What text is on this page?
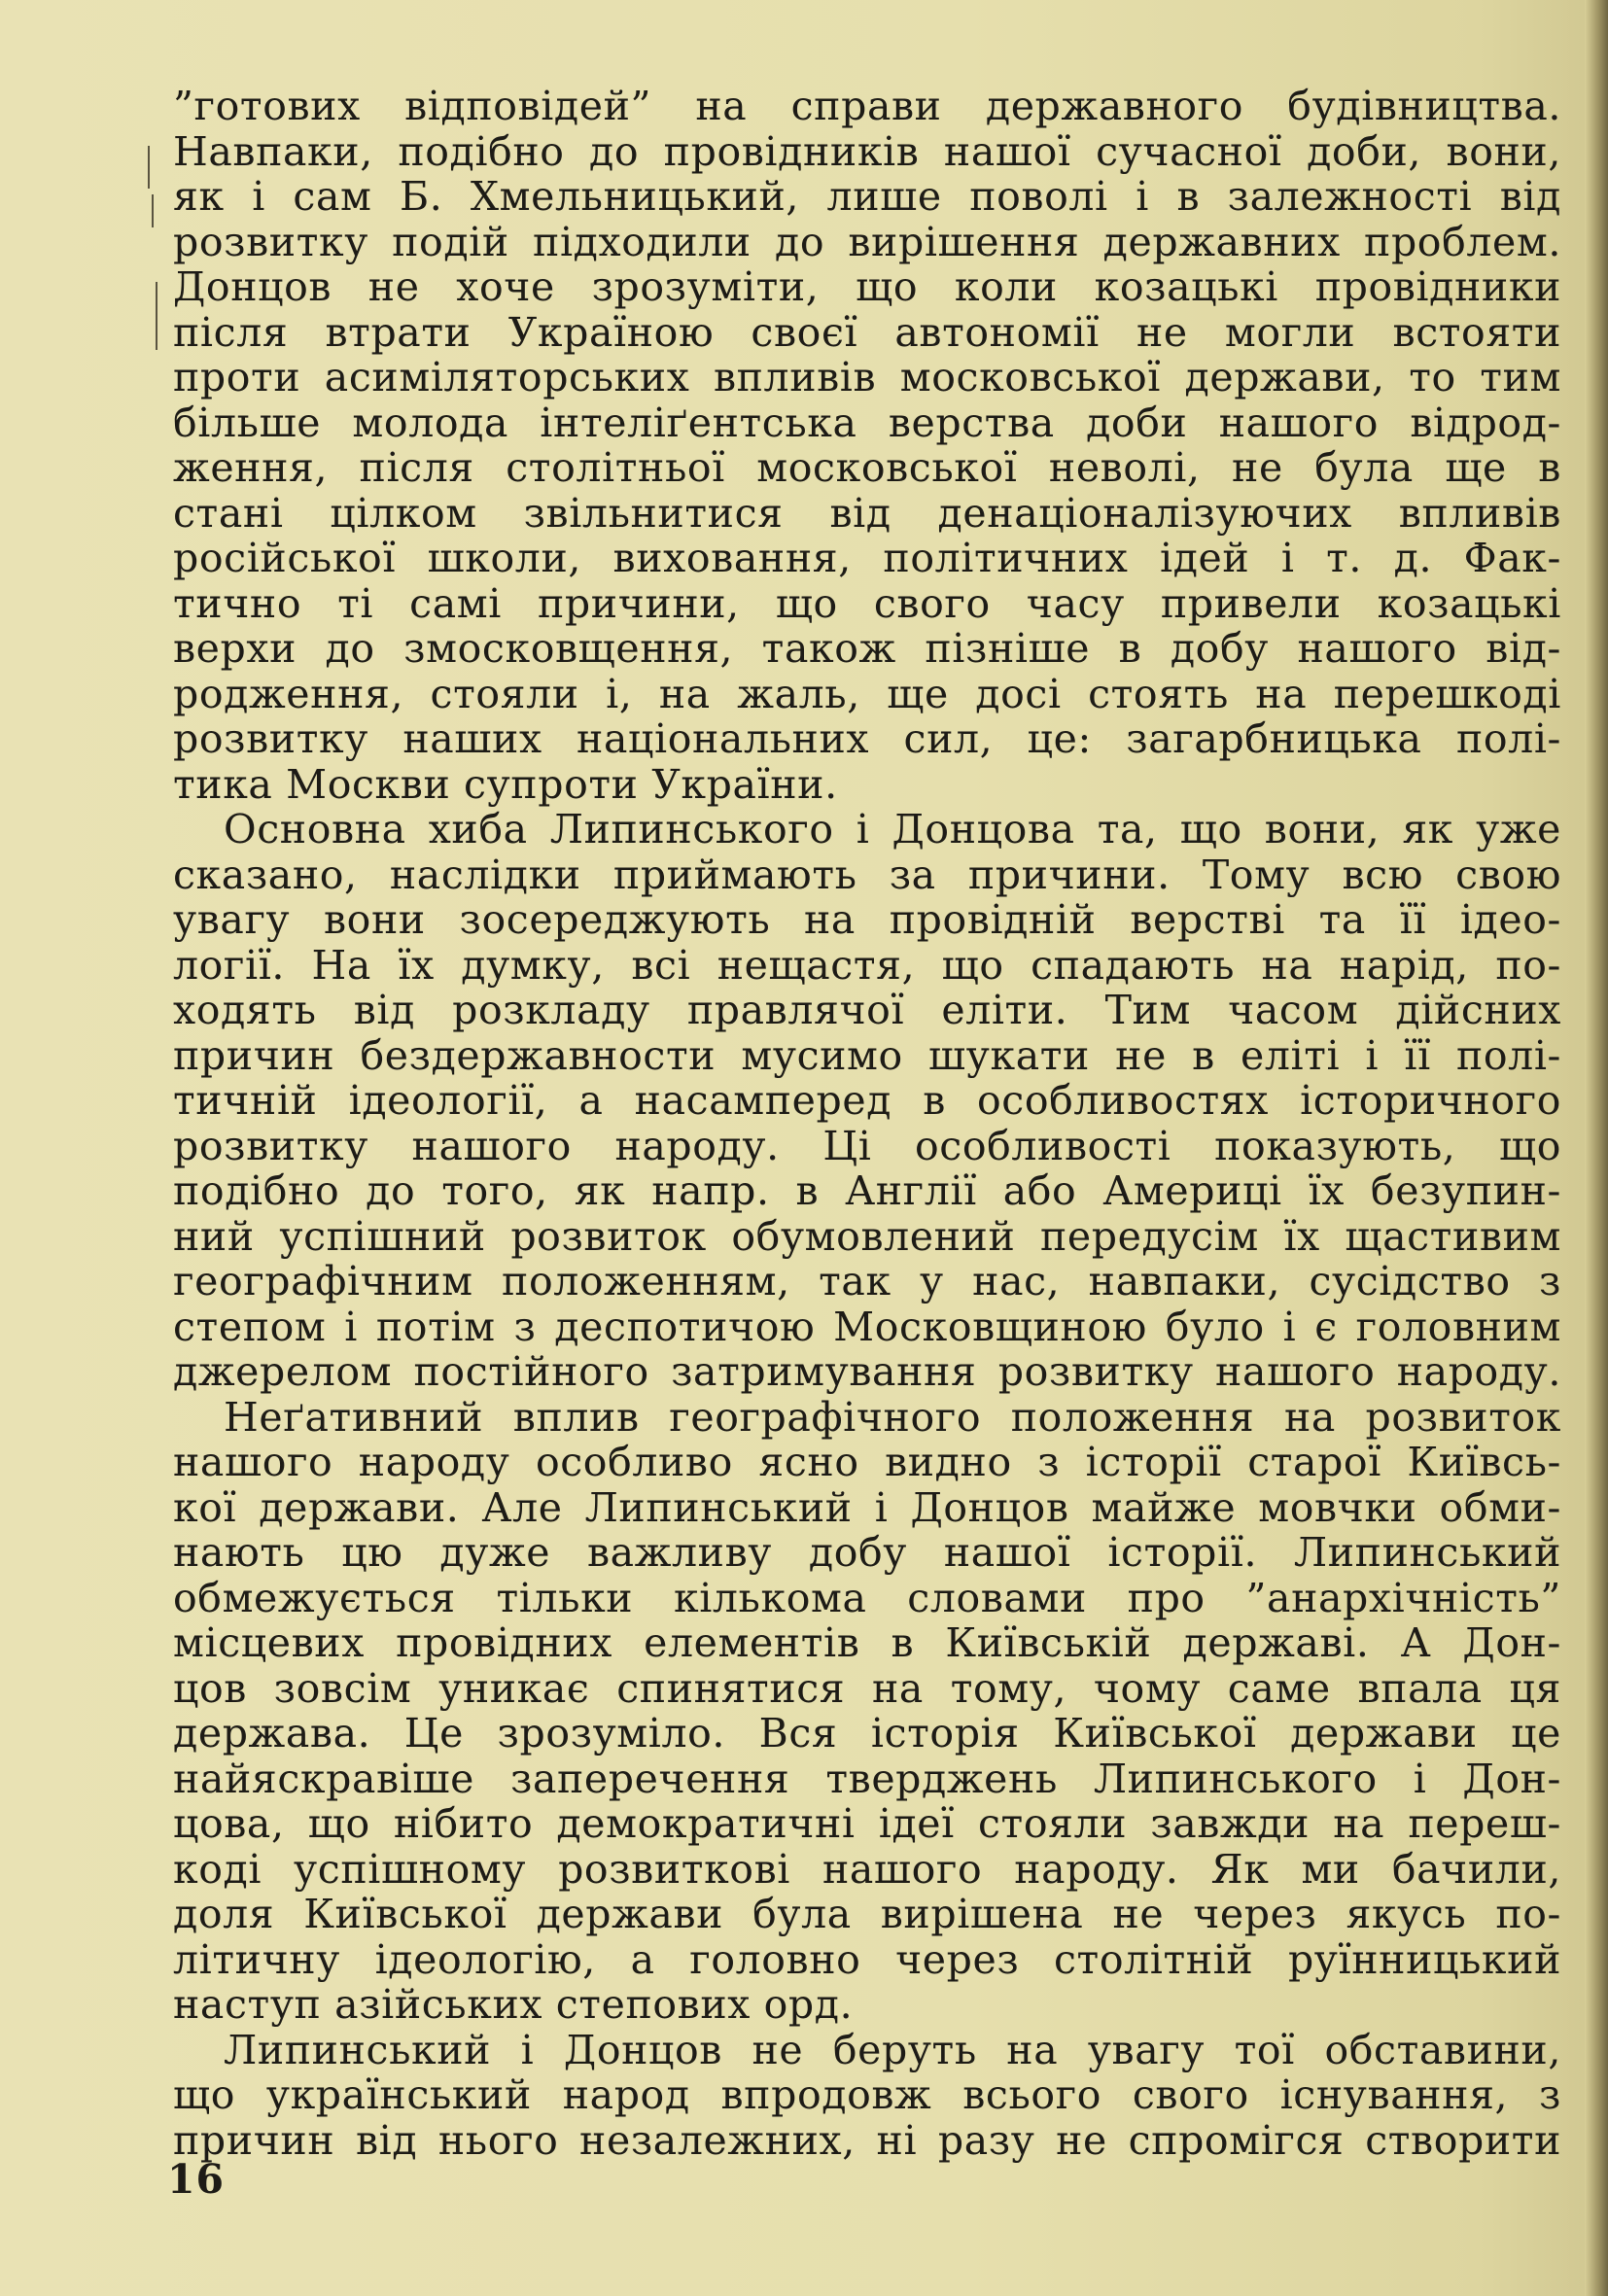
”готових відповідей” на справи державного будівництва.
Навпаки, подібно до провідників нашої сучасної доби, вони,
як і сам Б. Хмельницький, лише поволі і в залежності від
розвитку подій підходили до вирішення державних проблем.
Донцов не хоче зрозуміти, що коли козацькі провідники
після втрати Україною своєї автономії не могли встояти
проти асиміляторських впливів московської держави, то тим
більше молода інтеліґентська верства доби нашого відрод-
ження, після столітньої московської неволі, не була ще в
стані цілком звільнитися від денаціоналізуючих впливів
російської школи, виховання, політичних ідей і т. д. Фак-
тично ті самі причини, що свого часу привели козацькі
верхи до змосковщення, також пізніше в добу нашого від-
родження, стояли і, на жаль, ще досі стоять на перешкоді
розвитку наших національних сил, це: загарбницька полі-
тика Москви супроти України.
Основна хиба Липинського і Донцова та, що вони, як уже
сказано, наслідки приймають за причини. Тому всю свою
увагу вони зосереджують на провідній верстві та її ідео-
логії. На їх думку, всі нещастя, що спадають на нарід, по-
ходять від розкладу правлячої еліти. Тим часом дійсних
причин бездержавности мусимо шукати не в еліті і її полі-
тичній ідеології, а насамперед в особливостях історичного
розвитку нашого народу. Ці особливості показують, що
подібно до того, як напр. в Англії або Америці їх безупин-
ний успішний розвиток обумовлений передусім їх щастивим
географічним положенням, так у нас, навпаки, сусідство з
степом і потім з деспотичою Московщиною було і є головним
джерелом постійного затримування розвитку нашого народу.
Неґативний вплив географічного положення на розвиток
нашого народу особливо ясно видно з історії старої Київсь-
кої держави. Але Липинський і Донцов майже мовчки обми-
нають цю дуже важливу добу нашої історії. Липинський
обмежується тільки кількома словами про ”анархічність”
місцевих провідних елементів в Київській державі. А Дон-
цов зовсім уникає спинятися на тому, чому саме впала ця
держава. Це зрозуміло. Вся історія Київської держави це
найяскравіше заперечення тверджень Липинського і Дон-
цова, що нібито демократичні ідеї стояли завжди на переш-
коді успішному розвиткові нашого народу. Як ми бачили,
доля Київської держави була вирішена не через якусь по-
літичну ідеологію, а головно через столітній руїнницький
наступ азійських степових орд.
Липинський і Донцов не беруть на увагу тої обставини,
що український народ впродовж всього свого існування, з
причин від нього незалежних, ні разу не спромігся створити
16
